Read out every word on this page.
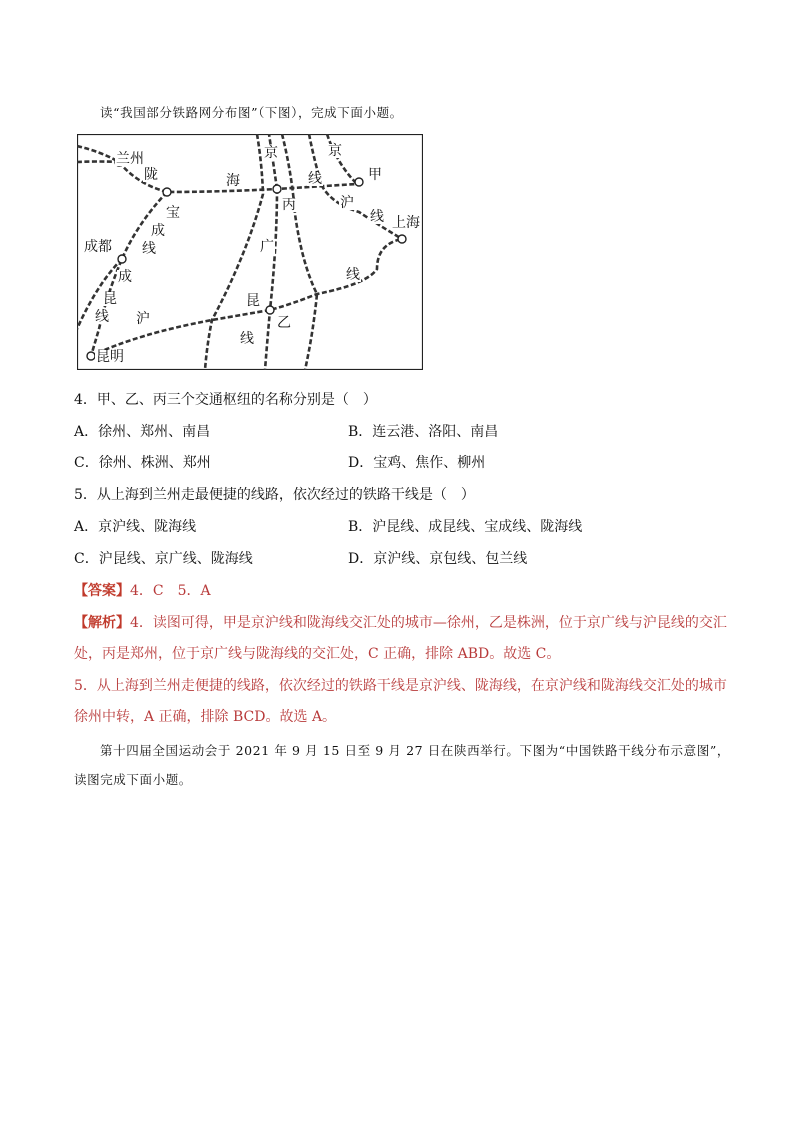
读“我国部分铁路网分布图”（下图），完成下面小题。
兰州
陇
宝
成
线
成都
成
昆
线 沪
昆明
京
海
丙
线
京
甲
沪
线 上海
广
线
昆
乙
线
4．甲、乙、丙三个交通枢纽的名称分别是（　）
A．徐州、郑州、南昌	B．连云港、洛阳、南昌
C．徐州、株洲、郑州	D．宝鸡、焦作、柳州
5．从上海到兰州走最便捷的线路，依次经过的铁路干线是（　）
A．京沪线、陇海线	B．沪昆线、成昆线、宝成线、陇海线
C．沪昆线、京广线、陇海线	D．京沪线、京包线、包兰线
【答案】4．C　5．A
【解析】4．读图可得，甲是京沪线和陇海线交汇处的城市—徐州，乙是株洲，位于京广线与沪昆线的交汇
处，丙是郑州，位于京广线与陇海线的交汇处，C 正确，排除 ABD。故选 C。
5．从上海到兰州走便捷的线路，依次经过的铁路干线是京沪线、陇海线，在京沪线和陇海线交汇处的城市
徐州中转，A 正确，排除 BCD。故选 A。
第十四届全国运动会于 2021 年 9 月 15 日至 9 月 27 日在陕西举行。下图为“中国铁路干线分布示意图”，
读图完成下面小题。
